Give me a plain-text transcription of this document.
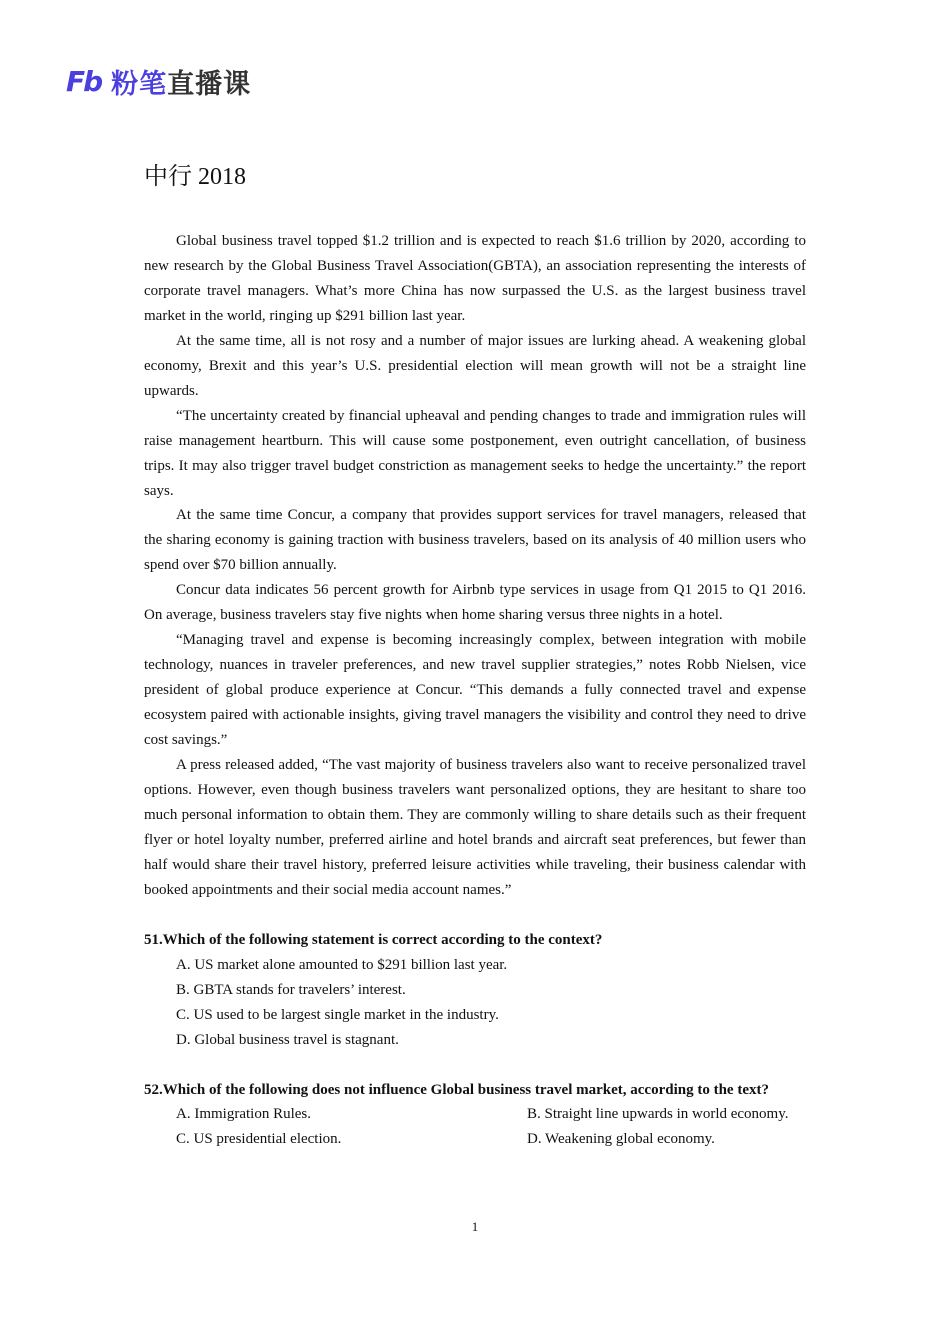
Fb 粉笔 直播课
中行 2018

Global business travel topped $1.2 trillion and is expected to reach $1.6 trillion by 2020, according to new research by the Global Business Travel Association(GBTA), an association representing the interests of corporate travel managers. What’s more China has now surpassed the U.S. as the largest business travel market in the world, ringing up $291 billion last year.

At the same time, all is not rosy and a number of major issues are lurking ahead. A weakening global economy, Brexit and this year’s U.S. presidential election will mean growth will not be a straight line upwards.

“The uncertainty created by financial upheaval and pending changes to trade and immigration rules will raise management heartburn. This will cause some postponement, even outright cancellation, of business trips. It may also trigger travel budget constriction as management seeks to hedge the uncertainty.” the report says.

At the same time Concur, a company that provides support services for travel managers, released that the sharing economy is gaining traction with business travelers, based on its analysis of 40 million users who spend over $70 billion annually.

Concur data indicates 56 percent growth for Airbnb type services in usage from Q1 2015 to Q1 2016. On average, business travelers stay five nights when home sharing versus three nights in a hotel.

“Managing travel and expense is becoming increasingly complex, between integration with mobile technology, nuances in traveler preferences, and new travel supplier strategies,” notes Robb Nielsen, vice president of global produce experience at Concur. “This demands a fully connected travel and expense ecosystem paired with actionable insights, giving travel managers the visibility and control they need to drive cost savings.”

A press released added, “The vast majority of business travelers also want to receive personalized travel options. However, even though business travelers want personalized options, they are hesitant to share too much personal information to obtain them. They are commonly willing to share details such as their frequent flyer or hotel loyalty number, preferred airline and hotel brands and aircraft seat preferences, but fewer than half would share their travel history, preferred leisure activities while traveling, their business calendar with booked appointments and their social media account names.”

51.Which of the following statement is correct according to the context?

A. US market alone amounted to $291 billion last year.

B. GBTA stands for travelers’ interest.

C. US used to be largest single market in the industry.

D. Global business travel is stagnant.

52.Which of the following does not influence Global business travel market, according to the text?

A. Immigration Rules.	B. Straight line upwards in world economy.
C. US presidential election.	D. Weakening global economy.
1
